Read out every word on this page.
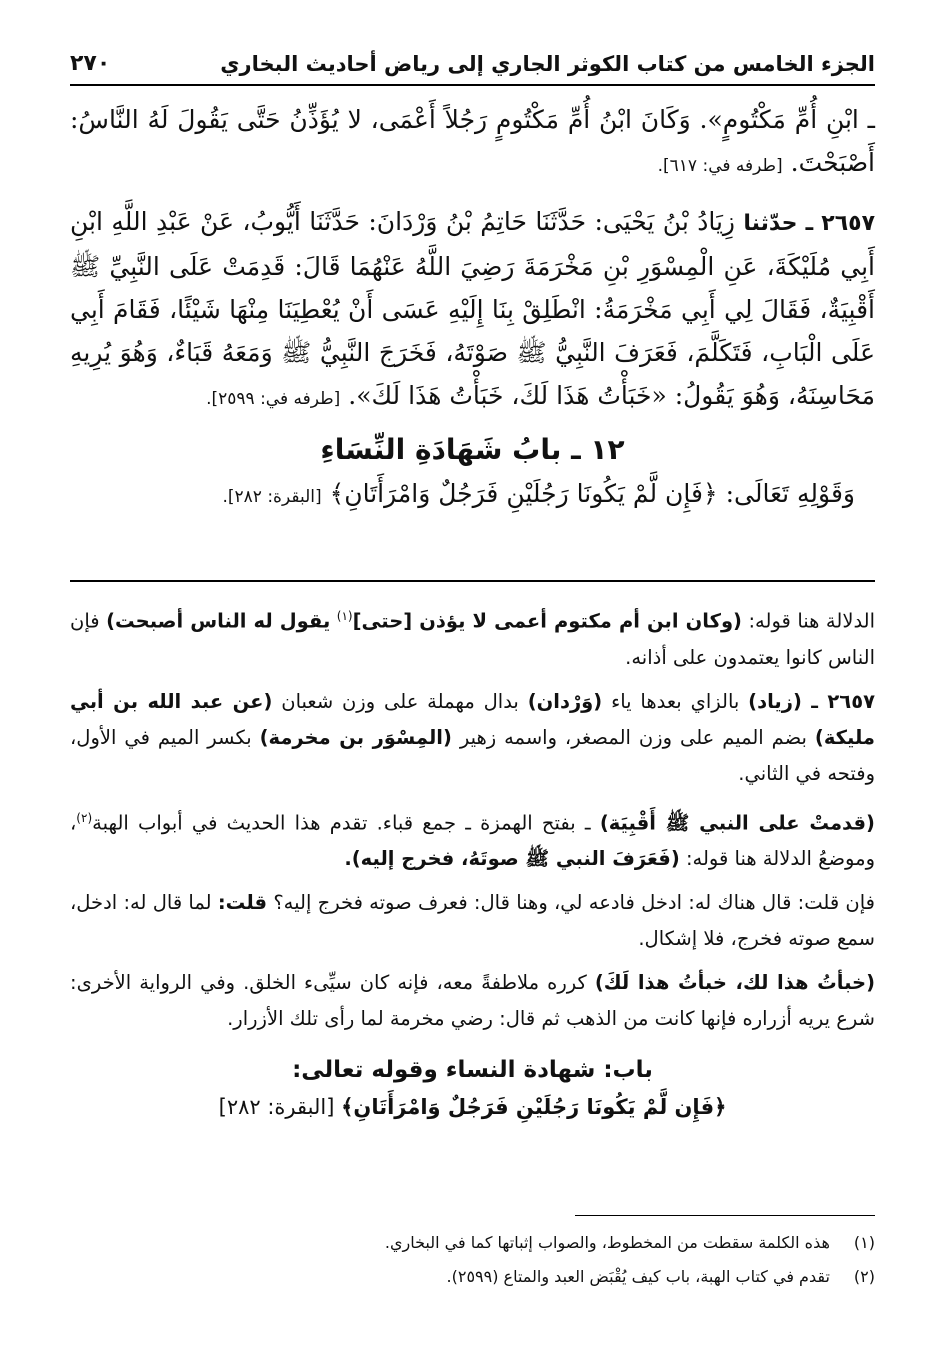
الجزء الخامس من كتاب الكوثر الجاري إلى رياض أحاديث البخاري
٢٧٠

ـ ابْنِ أُمِّ مَكْتُومٍ». وَكَانَ ابْنُ أُمِّ مَكْتُومٍ رَجُلاً أَعْمَى، لا يُؤَذِّنُ حَتَّى يَقُولَ لَهُ النَّاسُ: أَصْبَحْتَ. [طرفه في: ٦١٧].

٢٦٥٧ ـ حدّثنا زِيَادُ بْنُ يَحْيَى: حَدَّثَنَا حَاتِمُ بْنُ وَرْدَانَ: حَدَّثَنَا أَيُّوبُ، عَنْ عَبْدِ اللَّهِ ابْنِ أَبِي مُلَيْكَةَ، عَنِ الْمِسْوَرِ بْنِ مَخْرَمَةَ رَضِيَ اللَّهُ عَنْهُمَا قَالَ: قَدِمَتْ عَلَى النَّبِيِّ ﷺ أَقْبِيَةٌ، فَقَالَ لِي أَبِي مَخْرَمَةُ: انْطَلِقْ بِنَا إِلَيْهِ عَسَى أَنْ يُعْطِيَنَا مِنْهَا شَيْئًا، فَقَامَ أَبِي عَلَى الْبَابِ، فَتَكَلَّمَ، فَعَرَفَ النَّبِيُّ ﷺ صَوْتَهُ، فَخَرَجَ النَّبِيُّ ﷺ وَمَعَهُ قَبَاءٌ، وَهُوَ يُرِيهِ مَحَاسِنَهُ، وَهُوَ يَقُولُ: «خَبَأْتُ هَذَا لَكَ، خَبَأْتُ هَذَا لَكَ». [طرفه في: ٢٥٩٩].

١٢ ـ بابُ شَهَادَةِ النِّسَاءِ

وَقَوْلِهِ تَعَالَى: ﴿فَإِن لَّمْ يَكُونَا رَجُلَيْنِ فَرَجُلٌ وَامْرَأَتَانِ﴾ [البقرة: ٢٨٢].

الدلالة هنا قوله: (وكان ابن أم مكتوم أعمى لا يؤذن [حتى]$^{(١)}$ يقول له الناس أصبحت) فإن الناس كانوا يعتمدون على أذانه.

٢٦٥٧ ـ (زياد) بالزاي بعدها ياء (وَرْدان) بدال مهملة على وزن شعبان (عن عبد الله بن أبي مليكة) بضم الميم على وزن المصغر، واسمه زهير (المِسْوَر بن مخرمة) بكسر الميم في الأول، وفتحه في الثاني.

(قدمتْ على النبي ﷺ أَقْبِيَة) ـ بفتح الهمزة ـ جمع قباء. تقدم هذا الحديث في أبواب الهبة$^{(٢)}$، وموضعُ الدلالة هنا قوله: (فَعَرَفَ النبي ﷺ صوتَهُ، فخرج إليه).

فإن قلت: قال هناك له: ادخل فادعه لي، وهنا قال: فعرف صوته فخرج إليه؟ قلت: لما قال له: ادخل، سمع صوته فخرج، فلا إشكال.

(خبأتُ هذا لك، خبأتُ هذا لَكَ) كرره ملاطفةً معه، فإنه كان سيِّىء الخلق. وفي الرواية الأخرى: شرع يريه أزراره فإنها كانت من الذهب ثم قال: رضي مخرمة لما رأى تلك الأزرار.

باب: شهادة النساء وقوله تعالى:

﴿فَإِن لَّمْ يَكُونَا رَجُلَيْنِ فَرَجُلٌ وَامْرَأَتَانِ﴾ [البقرة: ٢٨٢]

(١) هذه الكلمة سقطت من المخطوط، والصواب إثباتها كما في البخاري.

(٢) تقدم في كتاب الهبة، باب كيف يُقْبَض العبد والمتاع (٢٥٩٩).
